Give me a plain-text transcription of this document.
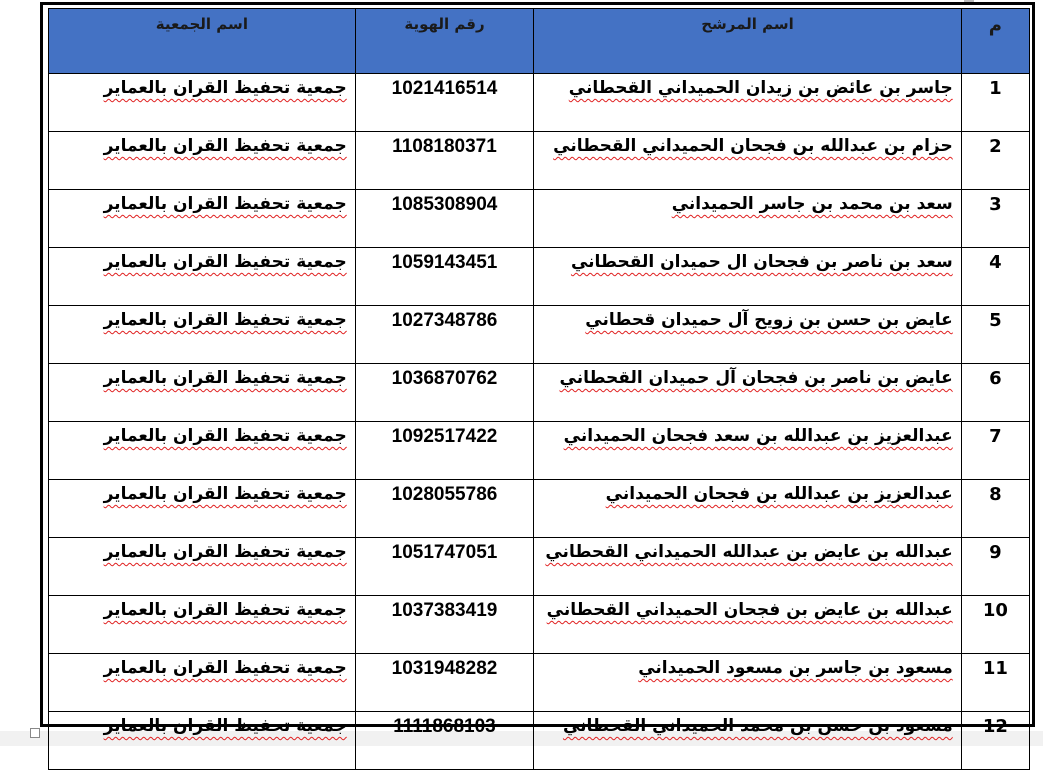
م	اسم المرشح	رقم الهوية	اسم الجمعية
1	جاسر بن عائض بن زيدان الحميداني القحطاني	1021416514	جمعية تحفيظ القران بالعماير
2	حزام بن عبدالله بن فجحان الحميداني القحطاني	1108180371	جمعية تحفيظ القران بالعماير
3	سعد بن محمد بن جاسر الحميداني	1085308904	جمعية تحفيظ القران بالعماير
4	سعد بن ناصر بن فجحان ال حميدان القحطاني	1059143451	جمعية تحفيظ القران بالعماير
5	عايض بن حسن بن زويح آل حميدان قحطاني	1027348786	جمعية تحفيظ القران بالعماير
6	عايض بن ناصر بن فجحان آل حميدان القحطاني	1036870762	جمعية تحفيظ القران بالعماير
7	عبدالعزيز بن عبدالله بن سعد فجحان الحميداني	1092517422	جمعية تحفيظ القران بالعماير
8	عبدالعزيز بن عبدالله بن فجحان الحميداني	1028055786	جمعية تحفيظ القران بالعماير
9	عبدالله بن عايض بن عبدالله الحميداني القحطاني	1051747051	جمعية تحفيظ القران بالعماير
10	عبدالله بن عايض بن فجحان الحميداني القحطاني	1037383419	جمعية تحفيظ القران بالعماير
11	مسعود بن جاسر بن مسعود الحميداني	1031948282	جمعية تحفيظ القران بالعماير
12	مسعود بن حسن بن محمد الحميداني القحطاني	1111868103	جمعية تحفيظ القران بالعماير
